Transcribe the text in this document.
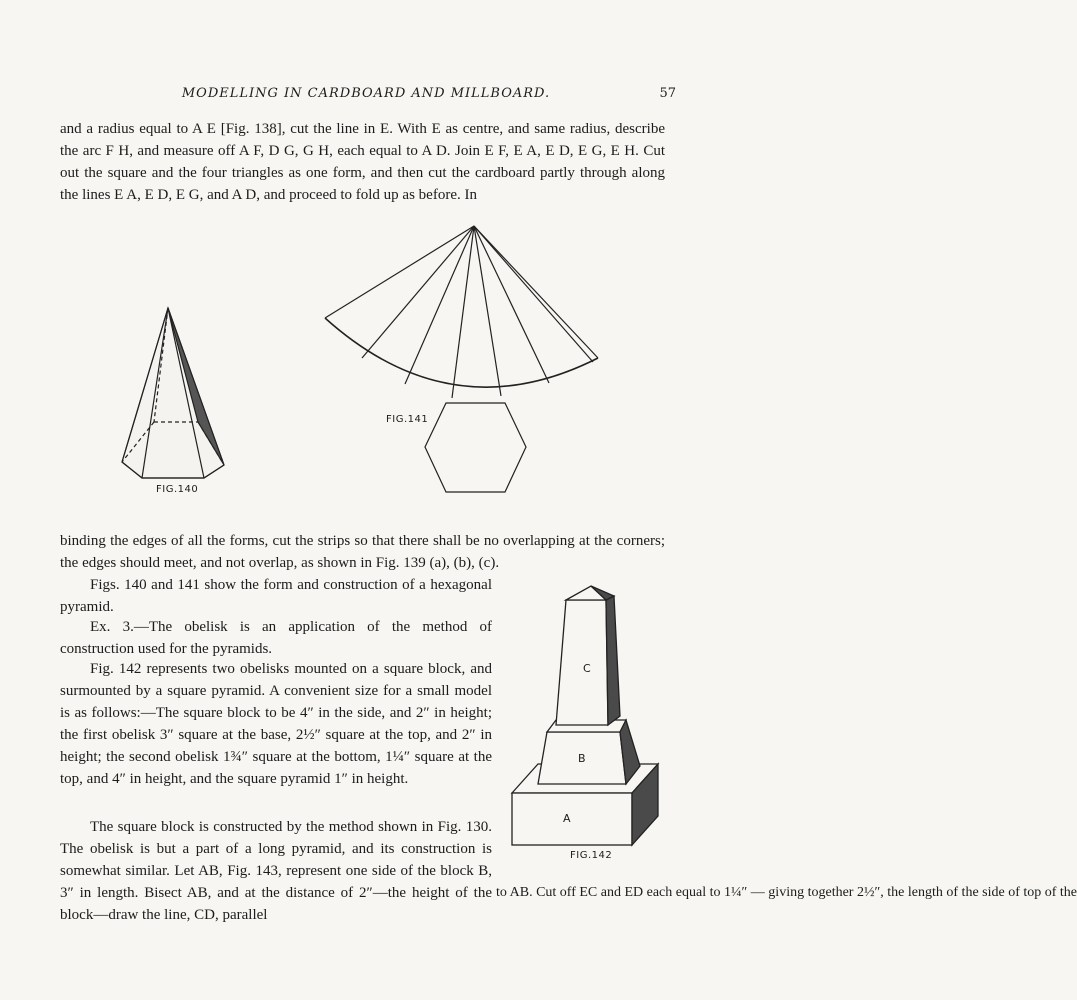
MODELLING IN CARDBOARD AND MILLBOARD.	57

and a radius equal to A E [Fig. 138], cut the line in E. With E as centre, and same radius, describe the arc F H, and measure off A F, D G, G H, each equal to A D. Join E F, E A, E D, E G, E H. Cut out the square and the four triangles as one form, and then cut the cardboard partly through along the lines E A, E D, E G, and A D, and proceed to fold up as before. In

FIG.140
FIG.141

binding the edges of all the forms, cut the strips so that there shall be no overlapping at the corners; the edges should meet, and not overlap, as shown in Fig. 139 (a), (b), (c).

Figs. 140 and 141 show the form and construction of a hexagonal pyramid.

Ex. 3.—The obelisk is an application of the method of construction used for the pyramids.

Fig. 142 represents two obelisks mounted on a square block, and surmounted by a square pyramid. A convenient size for a small model is as follows:—The square block to be 4″ in the side, and 2″ in height; the first obelisk 3″ square at the base, 2½″ square at the top, and 2″ in height; the second obelisk 1¾″ square at the bottom, 1¼″ square at the top, and 4″ in height, and the square pyramid 1″ in height.

The square block is constructed by the method shown in Fig. 130. The obelisk is but a part of a long pyramid, and its construction is somewhat similar. Let AB, Fig. 143, represent one side of the block B, 3″ in length. Bisect AB, and at the distance of 2″—the height of the block—draw the line, CD, parallel

to AB. Cut off EC and ED each equal to 1¼″ — giving together 2½″, the length of the side of top of the

C
B
A
FIG.142
